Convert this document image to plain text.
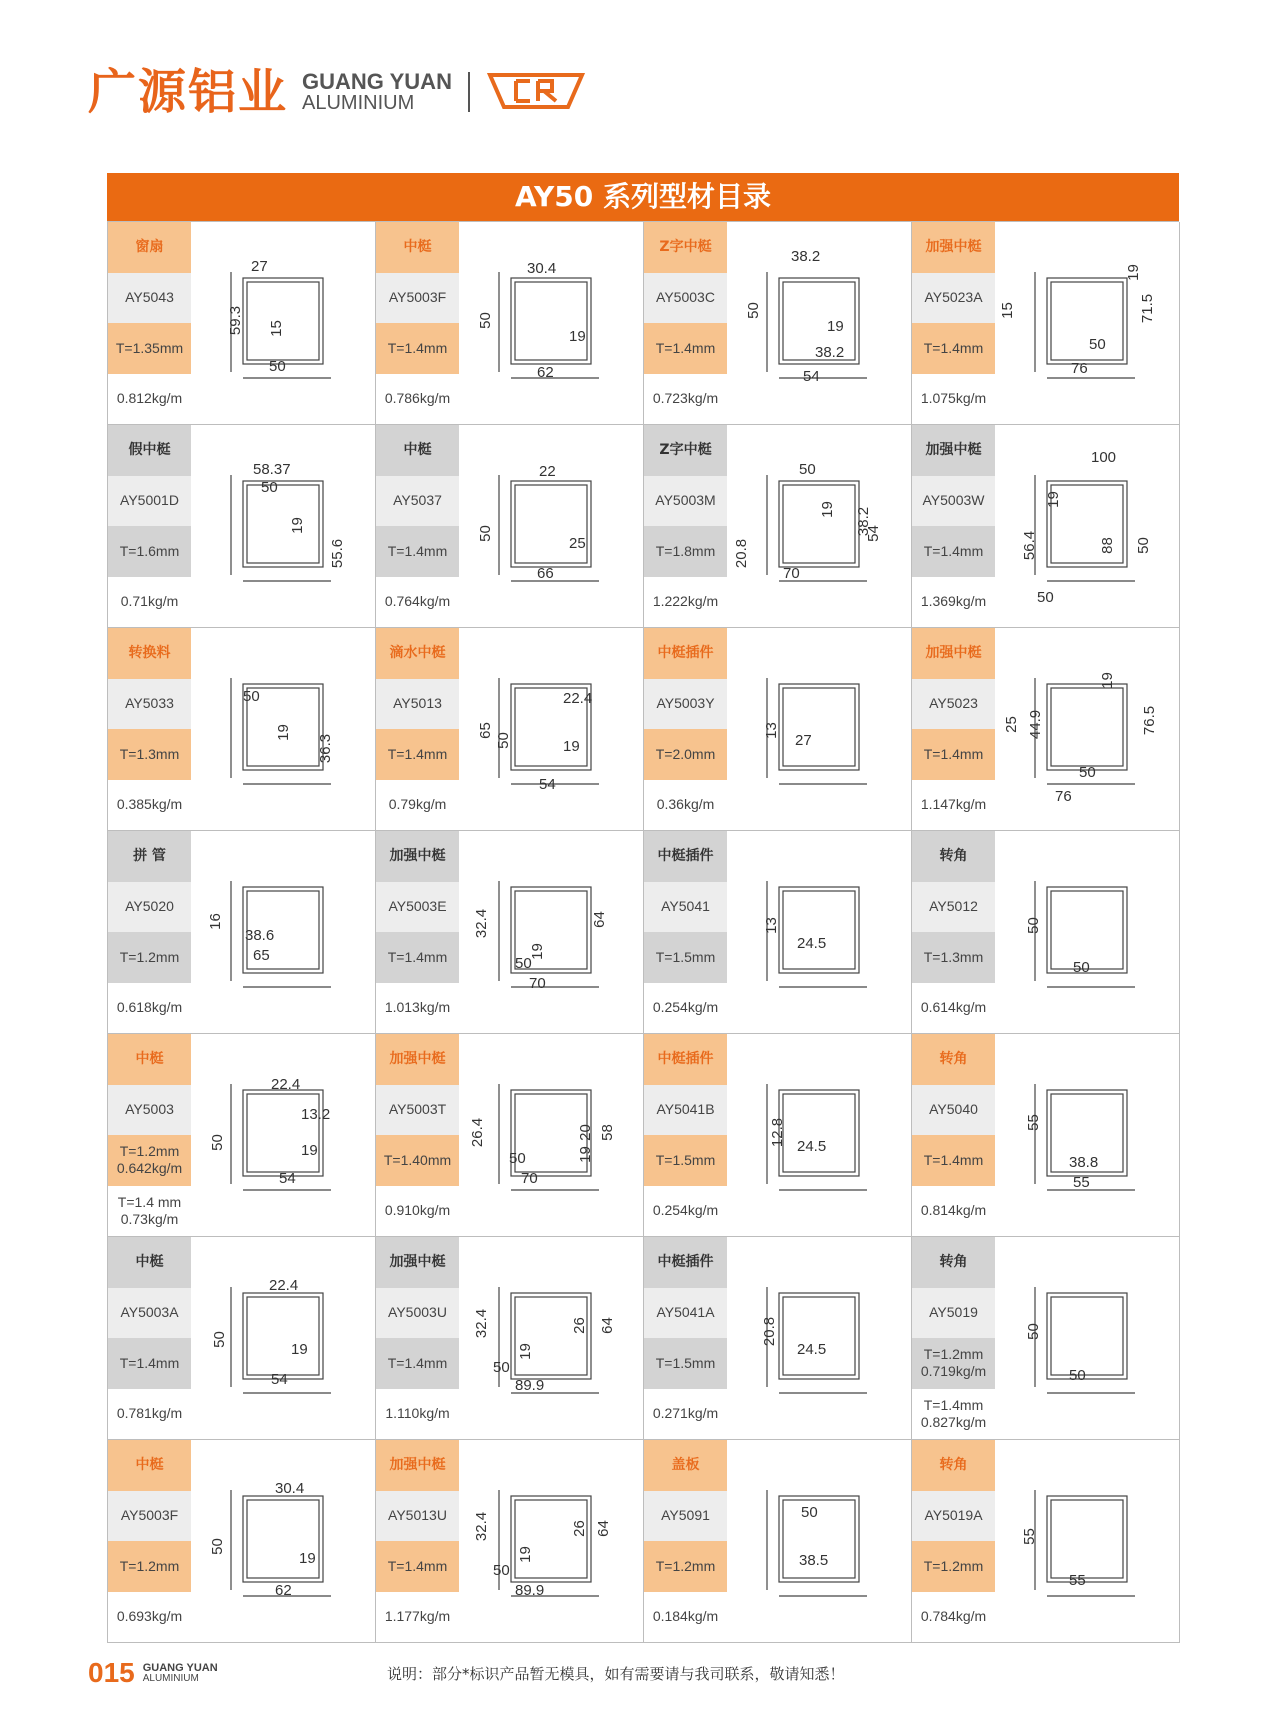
广源铝业 GUANG YUAN
ALUMINIUM
AY50 系列型材目录
窗扇
AY5043
T=1.35mm
0.812kg/m
27
59.3 15
50
中梃
AY5003F
T=1.4mm
0.786kg/m
30.4
50
19
62
Z字中梃
AY5003C
T=1.4mm
0.723kg/m
38.2
50
19
38.2
54
加强中梃
AY5023A
T=1.4mm
1.075kg/m
19
71.5
15
50
76
假中梃
AY5001D
T=1.6mm
0.71kg/m
58.37
50
19
55.6
中梃
AY5037
T=1.4mm
0.764kg/m
22
50
25
66
Z字中梃
AY5003M
T=1.8mm
1.222kg/m
50
19 38.2
54
20.8
70
加强中梃
AY5003W
T=1.4mm
1.369kg/m
100
19
56.4	88 50
50
转换料
AY5033
T=1.3mm
0.385kg/m
50
19
36.3
滴水中梃
AY5013
T=1.4mm
0.79kg/m
22.4
65
50	19
54
中梃插件
AY5003Y
T=2.0mm
0.36kg/m
13
27
加强中梃
AY5023
T=1.4mm
1.147kg/m
19
25 44.9	76.5
50
76
拼 管
AY5020
T=1.2mm
0.618kg/m
16
38.6
65
加强中梃
AY5003E
T=1.4mm
1.013kg/m
32.4	64
19
50
70
中梃插件
AY5041
T=1.5mm
0.254kg/m
13
24.5
转角
AY5012
T=1.3mm
0.614kg/m
50
50
中梃
AY5003
T=1.2mm
0.642kg/m
T=1.4 mm
0.73kg/m
22.4
13.2
50	19
54
加强中梃
AY5003T
T=1.40mm
0.910kg/m
26.4	20 58
19
50
70
中梃插件
AY5041B
T=1.5mm
0.254kg/m
12.8 24.5
转角
AY5040
T=1.4mm
0.814kg/m
55
38.8
55
中梃
AY5003A
T=1.4mm
0.781kg/m
22.4
50
19
54
加强中梃
AY5003U
T=1.4mm
1.110kg/m
32.4	26 64
19
50
89.9
中梃插件
AY5041A
T=1.5mm
0.271kg/m
20.8
24.5
转角
AY5019
T=1.2mm
0.719kg/m
T=1.4mm
0.827kg/m
50
50
中梃
AY5003F
T=1.2mm
0.693kg/m
30.4
50
19
62
加强中梃
AY5013U
T=1.4mm
1.177kg/m
32.4	26 64
19
50
89.9
盖板
AY5091
T=1.2mm
0.184kg/m
50
38.5
转角
AY5019A
T=1.2mm
0.784kg/m
55
55
015 GUANG YUAN
ALUMINIUM	说明：部分*标识产品暂无模具，如有需要请与我司联系，敬请知悉！
